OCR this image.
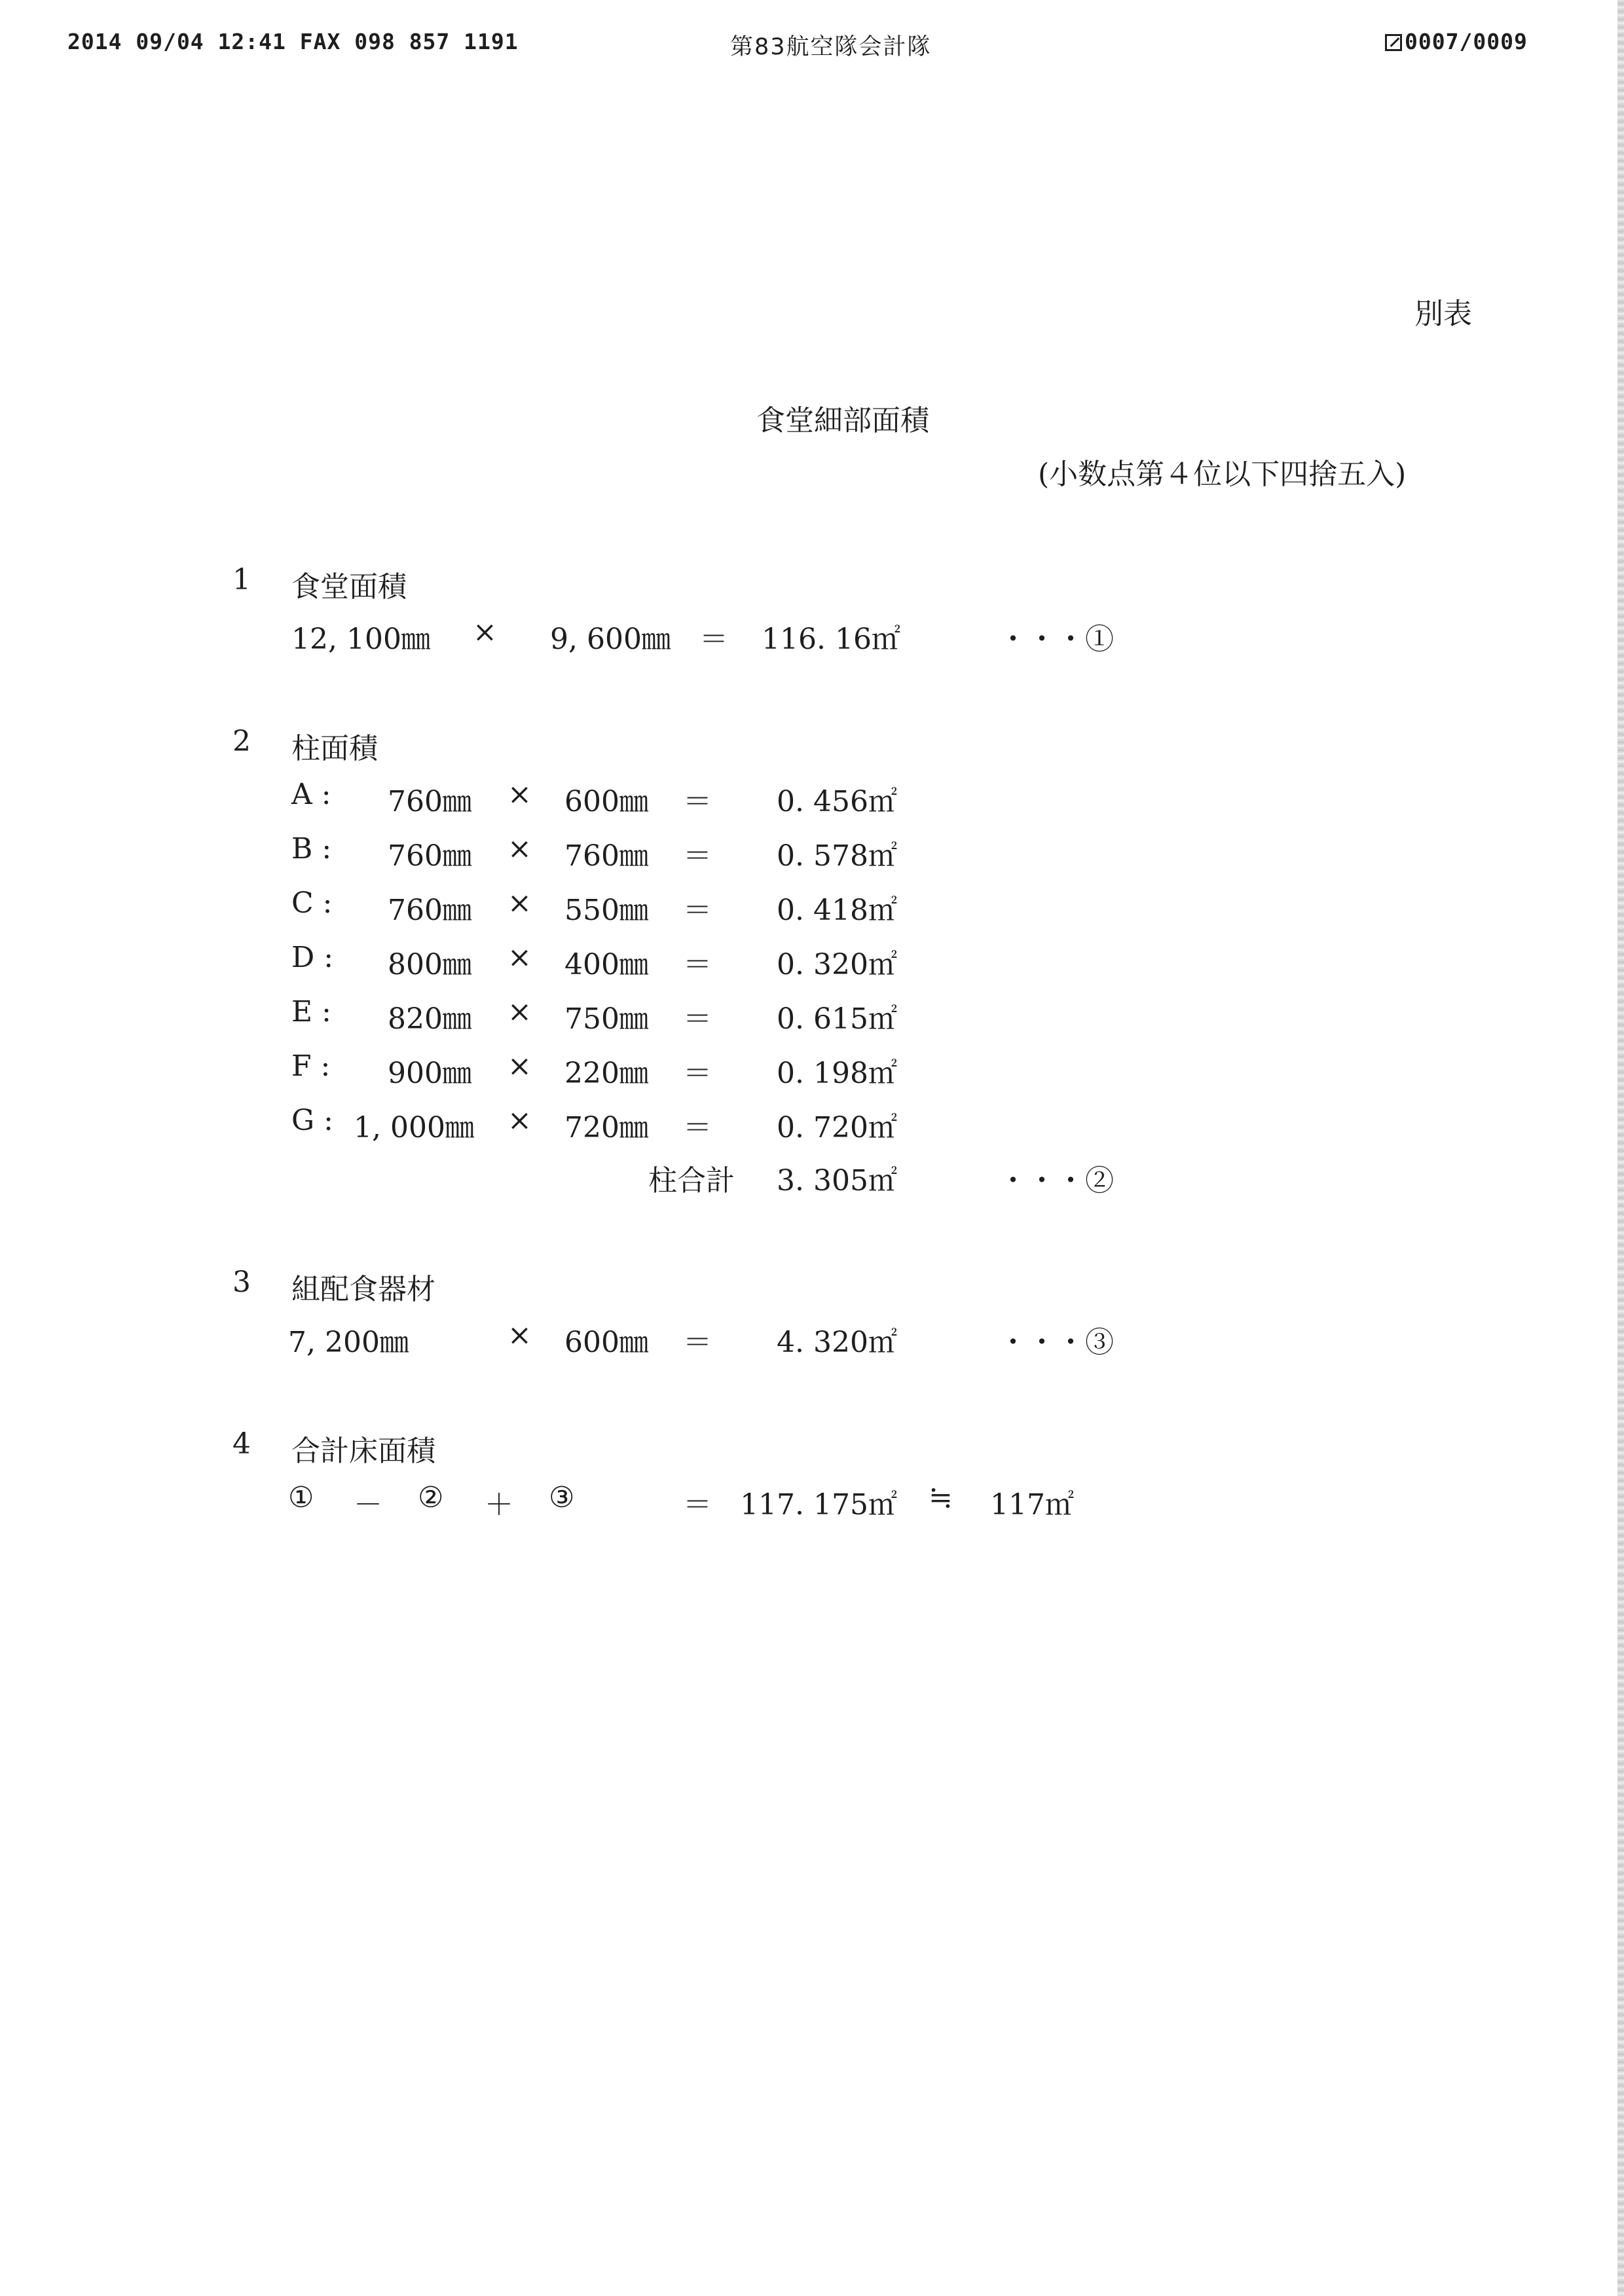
2014 09/04 12:41 FAX 098 857 1191	第83航空隊会計隊	0007/0009
別表
食堂細部面積
(小数点第４位以下四捨五入)
1 食堂面積
12, 100㎜ × 9, 600㎜ ＝ 116. 16㎡	・・・①
2 柱面積
A :	760㎜ ×	600㎜ ＝	0. 456㎡
B :	760㎜ ×	760㎜ ＝	0. 578㎡
C :	760㎜ ×	550㎜ ＝	0. 418㎡
D :	800㎜ ×	400㎜ ＝	0. 320㎡
E :	820㎜ ×	750㎜ ＝	0. 615㎡
F :	900㎜ ×	220㎜ ＝	0. 198㎡
G : 1, 000㎜ ×	720㎜ ＝	0. 720㎡
柱合計	3. 305㎡	・・・②
3 組配食器材
7, 200㎜	×	600㎜ ＝	4. 320㎡	・・・③
4 合計床面積
① － ② ＋ ③	＝ 117. 175㎡ ≒ 117㎡
